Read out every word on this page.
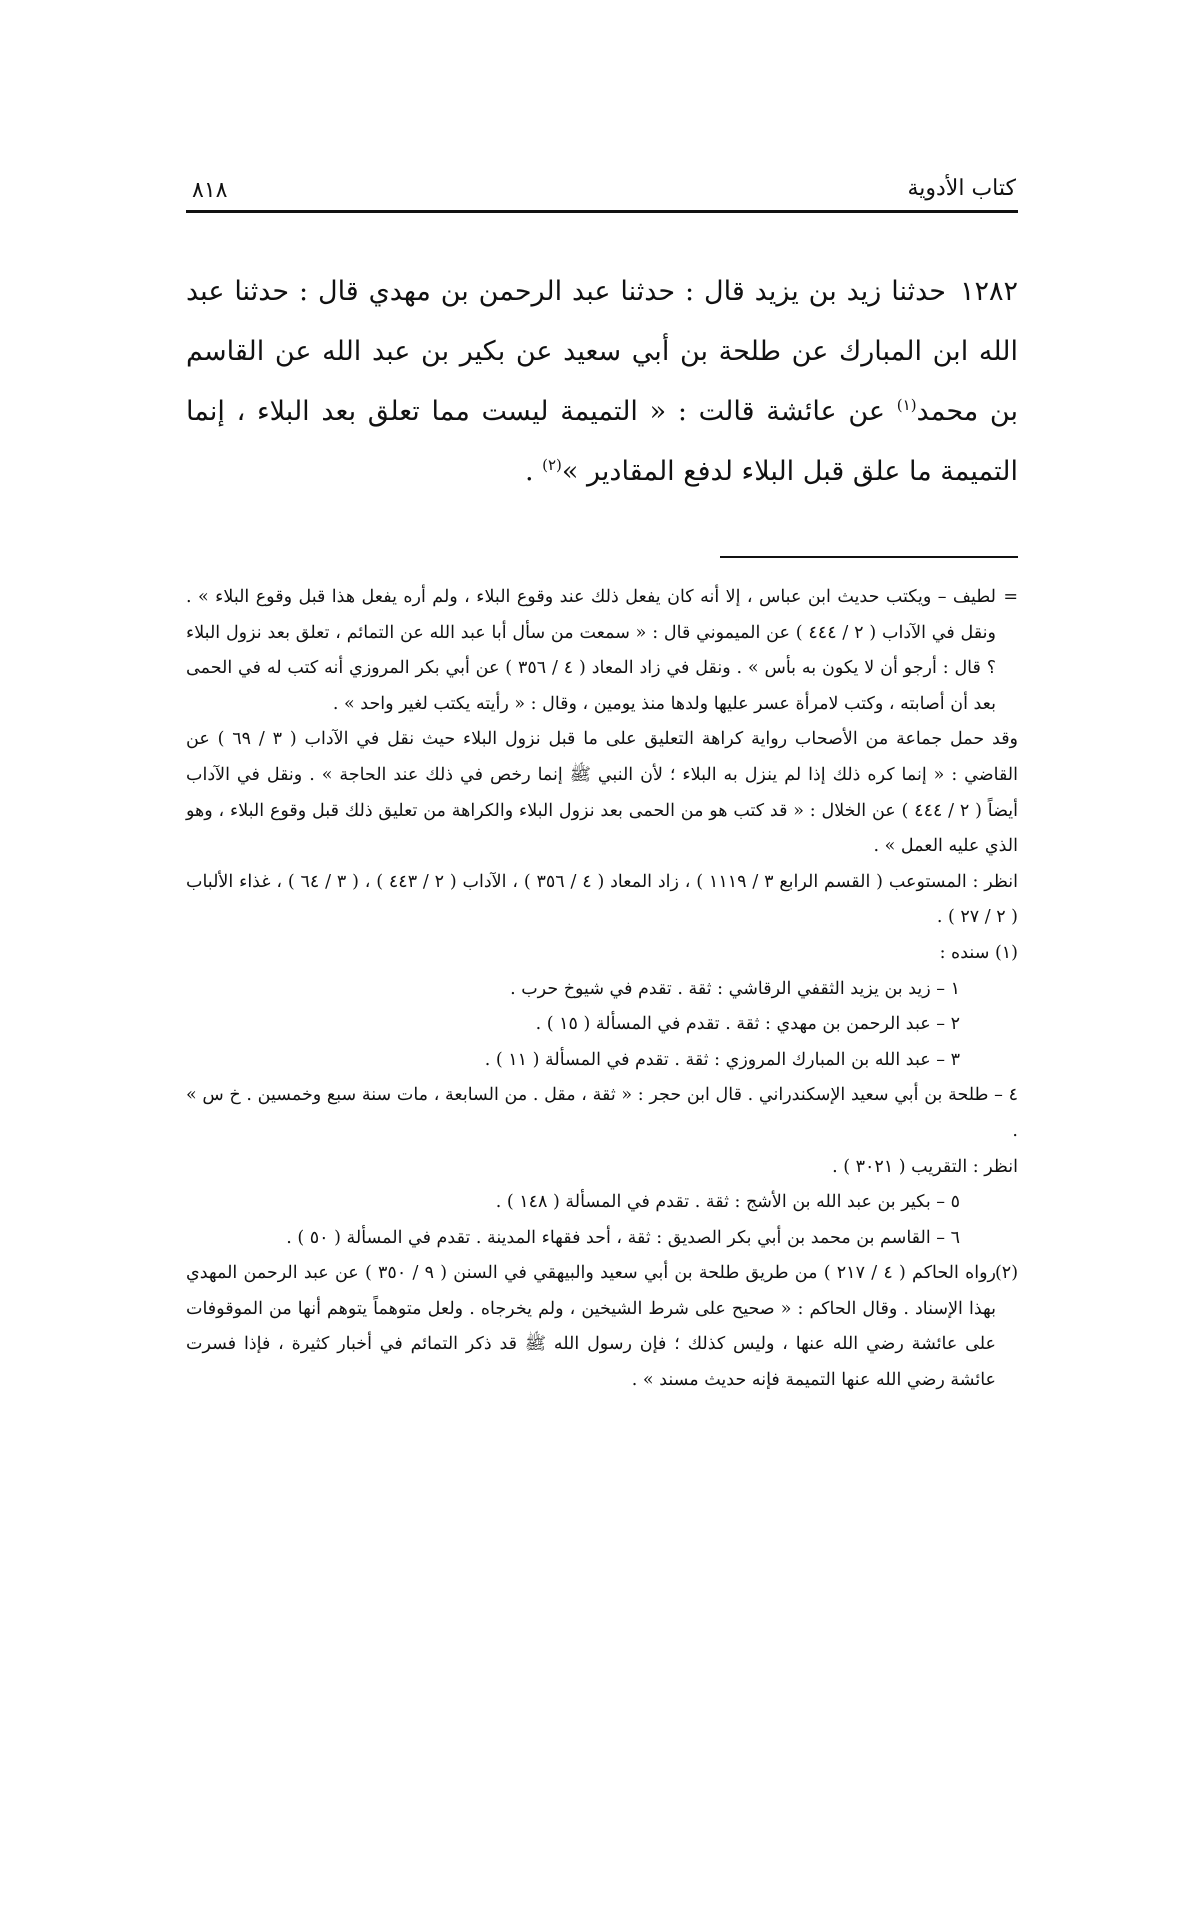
كتاب الأدوية
٨١٨

١٢٨٢حدثنا زيد بن يزيد قال : حدثنا عبد الرحمن بن مهدي قال : حدثنا عبد الله ابن المبارك عن طلحة بن أبي سعيد عن بكير بن عبد الله عن القاسم بن محمد$^{(١)}$ عن عائشة قالت : « التميمة ليست مما تعلق بعد البلاء ، إنما التميمة ما علق قبل البلاء لدفع المقادير »$^{(٢)}$ .

=لطيف – ويكتب حديث ابن عباس ، إلا أنه كان يفعل ذلك عند وقوع البلاء ، ولم أره يفعل هذا قبل وقوع البلاء » . ونقل في الآداب ( ٢ / ٤٤٤ ) عن الميموني قال : « سمعت من سأل أبا عبد الله عن التمائم ، تعلق بعد نزول البلاء ؟ قال : أرجو أن لا يكون به بأس » . ونقل في زاد المعاد ( ٤ / ٣٥٦ ) عن أبي بكر المروزي أنه كتب له في الحمى بعد أن أصابته ، وكتب لامرأة عسر عليها ولدها منذ يومين ، وقال : « رأيته يكتب لغير واحد » .

وقد حمل جماعة من الأصحاب رواية كراهة التعليق على ما قبل نزول البلاء حيث نقل في الآداب ( ٣ / ٦٩ ) عن القاضي : « إنما كره ذلك إذا لم ينزل به البلاء ؛ لأن النبي ﷺ إنما رخص في ذلك عند الحاجة » . ونقل في الآداب أيضاً ( ٢ / ٤٤٤ ) عن الخلال : « قد كتب هو من الحمى بعد نزول البلاء والكراهة من تعليق ذلك قبل وقوع البلاء ، وهو الذي عليه العمل » .

انظر : المستوعب ( القسم الرابع ٣ / ١١١٩ ) ، زاد المعاد ( ٤ / ٣٥٦ ) ، الآداب ( ٢ / ٤٤٣ ) ، ( ٣ / ٦٤ ) ، غذاء الألباب ( ٢ / ٢٧ ) .

(١) سنده :

١ – زيد بن يزيد الثقفي الرقاشي : ثقة . تقدم في شيوخ حرب .

٢ – عبد الرحمن بن مهدي : ثقة . تقدم في المسألة ( ١٥ ) .

٣ – عبد الله بن المبارك المروزي : ثقة . تقدم في المسألة ( ١١ ) .

٤ – طلحة بن أبي سعيد الإسكندراني . قال ابن حجر : « ثقة ، مقل . من السابعة ، مات سنة سبع وخمسين . خ س » .

انظر : التقريب ( ٣٠٢١ ) .

٥ – بكير بن عبد الله بن الأشج : ثقة . تقدم في المسألة ( ١٤٨ ) .

٦ – القاسم بن محمد بن أبي بكر الصديق : ثقة ، أحد فقهاء المدينة . تقدم في المسألة ( ٥٠ ) .

(٢)رواه الحاكم ( ٤ / ٢١٧ ) من طريق طلحة بن أبي سعيد والبيهقي في السنن ( ٩ / ٣٥٠ ) عن عبد الرحمن المهدي بهذا الإسناد . وقال الحاكم : « صحيح على شرط الشيخين ، ولم يخرجاه . ولعل متوهماً يتوهم أنها من الموقوفات على عائشة رضي الله عنها ، وليس كذلك ؛ فإن رسول الله ﷺ قد ذكر التمائم في أخبار كثيرة ، فإذا فسرت عائشة رضي الله عنها التميمة فإنه حديث مسند » .
